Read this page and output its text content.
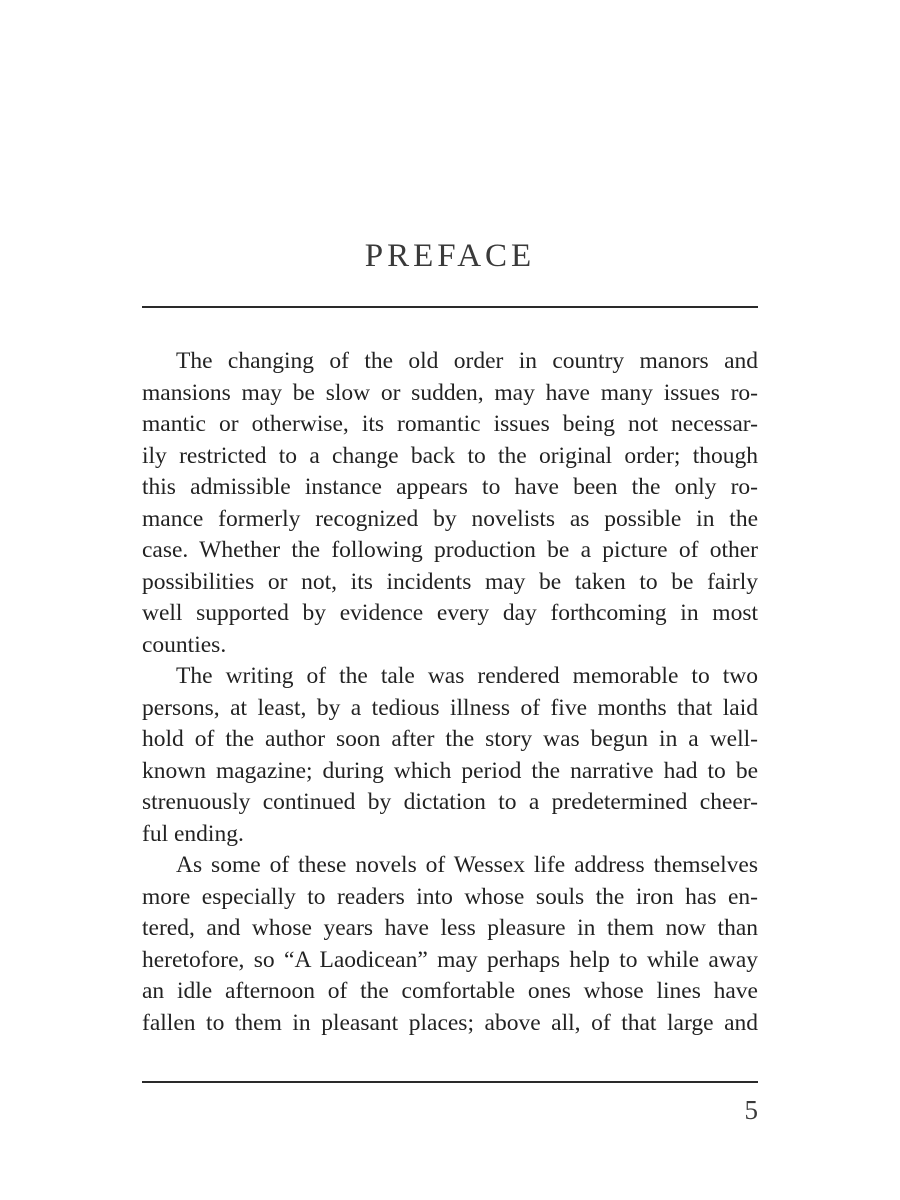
PREFACE
The changing of the old order in country manors and
mansions may be slow or sudden, may have many issues ro-
mantic or otherwise, its romantic issues being not necessar-
ily restricted to a change back to the original order; though
this admissible instance appears to have been the only ro-
mance formerly recognized by novelists as possible in the
case. Whether the following production be a picture of other
possibilities or not, its incidents may be taken to be fairly
well supported by evidence every day forthcoming in most
counties.
The writing of the tale was rendered memorable to two
persons, at least, by a tedious illness of five months that laid
hold of the author soon after the story was begun in a well-
known magazine; during which period the narrative had to be
strenuously continued by dictation to a predetermined cheer-
ful ending.
As some of these novels of Wessex life address themselves
more especially to readers into whose souls the iron has en-
tered, and whose years have less pleasure in them now than
heretofore, so “A Laodicean” may perhaps help to while away
an idle afternoon of the comfortable ones whose lines have
fallen to them in pleasant places; above all, of that large and
5
